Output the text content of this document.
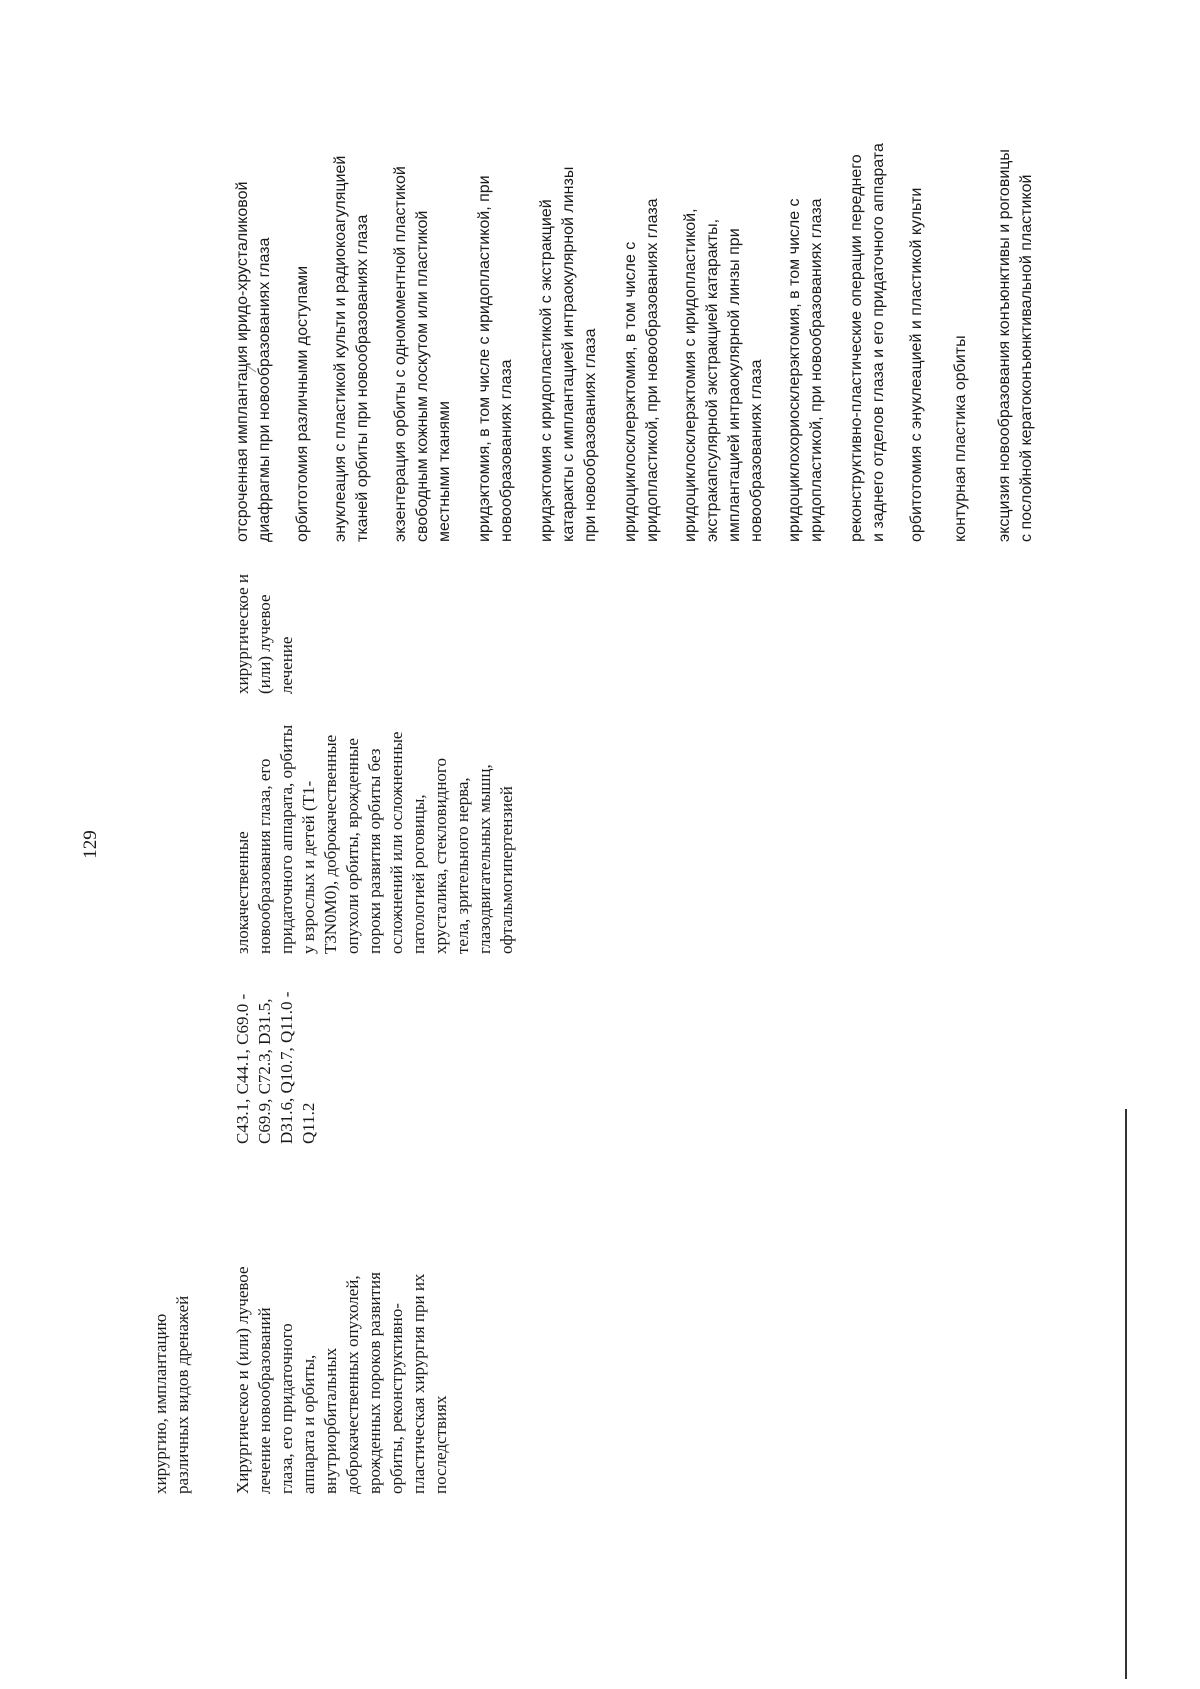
129
хирургию, имплантацию
различных видов дренажей
Хирургическое и (или) лучевое
лечение новообразований
глаза, его придаточного
аппарата и орбиты,
внутриорбитальных
доброкачественных опухолей,
врожденных пороков развития
орбиты, реконструктивно-
пластическая хирургия при их
последствиях
C43.1, C44.1, C69.0 -
C69.9, C72.3, D31.5,
D31.6, Q10.7, Q11.0 -
Q11.2
злокачественные
новообразования глаза, его
придаточного аппарата, орбиты
у взрослых и детей (T1-
T3N0M0), доброкачественные
опухоли орбиты, врожденные
пороки развития орбиты без
осложнений или осложненные
патологией роговицы,
хрусталика, стекловидного
тела, зрительного нерва,
глазодвигательных мышц,
офтальмогипертензией
хирургическое и
(или) лучевое
лечение
отсроченная имплантация иридо-хрусталиковой
диафрагмы при новообразованиях глаза
орбитотомия различными доступами энуклеация с пластикой культи и радиокоагуляцией
тканей орбиты при новообразованиях глаза
экзентерация орбиты с одномоментной пластикой
свободным кожным лоскутом или пластикой
местными тканями
иридэктомия, в том числе с иридопластикой, при
новообразованиях глаза
иридэктомия с иридопластикой с экстракцией
катаракты с имплантацией интраокулярной линзы
при новообразованиях глаза иридоциклосклерэктомия, в том числе с
иридопластикой, при новообразованиях глаза
иридоциклосклерэктомия с иридопластикой,
экстракапсулярной экстракцией катаракты,
имплантацией интраокулярной линзы при
новообразованиях глаза иридоциклохориосклерэктомия, в том числе с
иридопластикой, при новообразованиях глаза
реконструктивно-пластические операции переднего
и заднего отделов глаза и его придаточного аппарата
орбитотомия с энуклеацией и пластикой культи контурная пластика орбиты эксцизия новообразования конъюнктивы и роговицы
с послойной кератоконъюнктивальной пластикой
